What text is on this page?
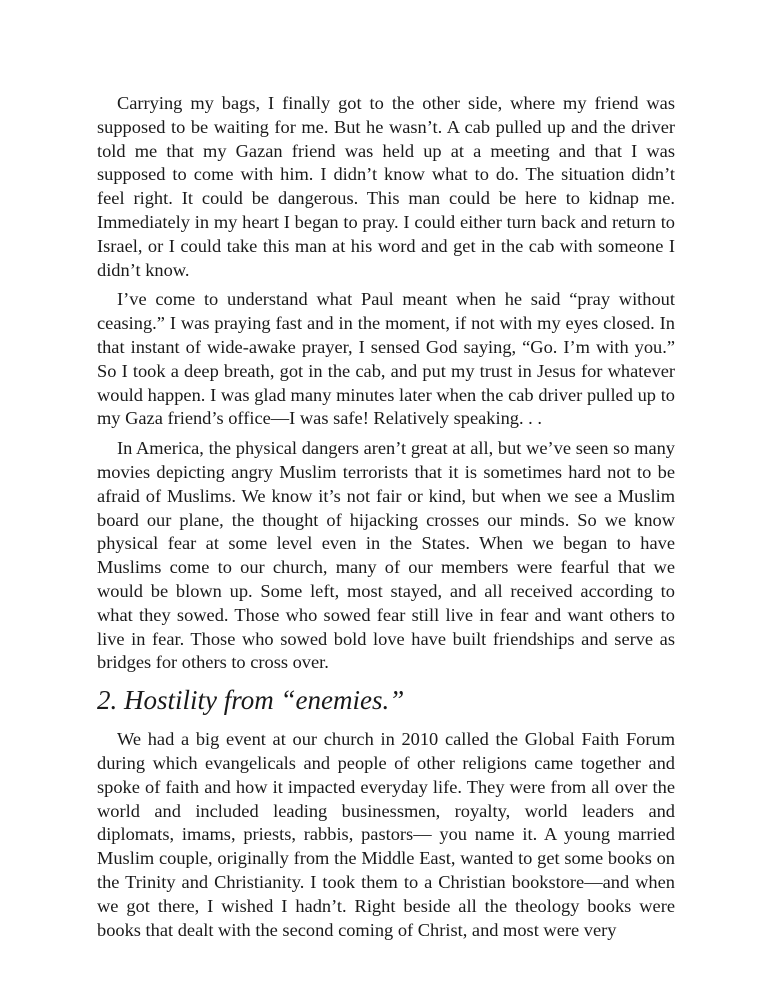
Carrying my bags, I finally got to the other side, where my friend was supposed to be waiting for me. But he wasn’t. A cab pulled up and the driver told me that my Gazan friend was held up at a meeting and that I was supposed to come with him. I didn’t know what to do. The situation didn’t feel right. It could be dangerous. This man could be here to kidnap me. Immediately in my heart I began to pray. I could either turn back and return to Israel, or I could take this man at his word and get in the cab with someone I didn’t know.

I’ve come to understand what Paul meant when he said “pray without ceasing.” I was praying fast and in the moment, if not with my eyes closed. In that instant of wide-awake prayer, I sensed God saying, “Go. I’m with you.” So I took a deep breath, got in the cab, and put my trust in Jesus for whatever would happen. I was glad many minutes later when the cab driver pulled up to my Gaza friend’s office—I was safe! Relatively speaking. . .

In America, the physical dangers aren’t great at all, but we’ve seen so many movies depicting angry Muslim terrorists that it is sometimes hard not to be afraid of Muslims. We know it’s not fair or kind, but when we see a Muslim board our plane, the thought of hijacking crosses our minds. So we know physical fear at some level even in the States. When we began to have Muslims come to our church, many of our members were fearful that we would be blown up. Some left, most stayed, and all received according to what they sowed. Those who sowed fear still live in fear and want others to live in fear. Those who sowed bold love have built friendships and serve as bridges for others to cross over.

2. Hostility from “enemies.”

We had a big event at our church in 2010 called the Global Faith Forum during which evangelicals and people of other religions came together and spoke of faith and how it impacted everyday life. They were from all over the world and included leading businessmen, royalty, world leaders and diplomats, imams, priests, rabbis, pastors— you name it. A young married Muslim couple, originally from the Middle East, wanted to get some books on the Trinity and Christianity. I took them to a Christian bookstore—and when we got there, I wished I hadn’t. Right beside all the theology books were books that dealt with the second coming of Christ, and most were very
